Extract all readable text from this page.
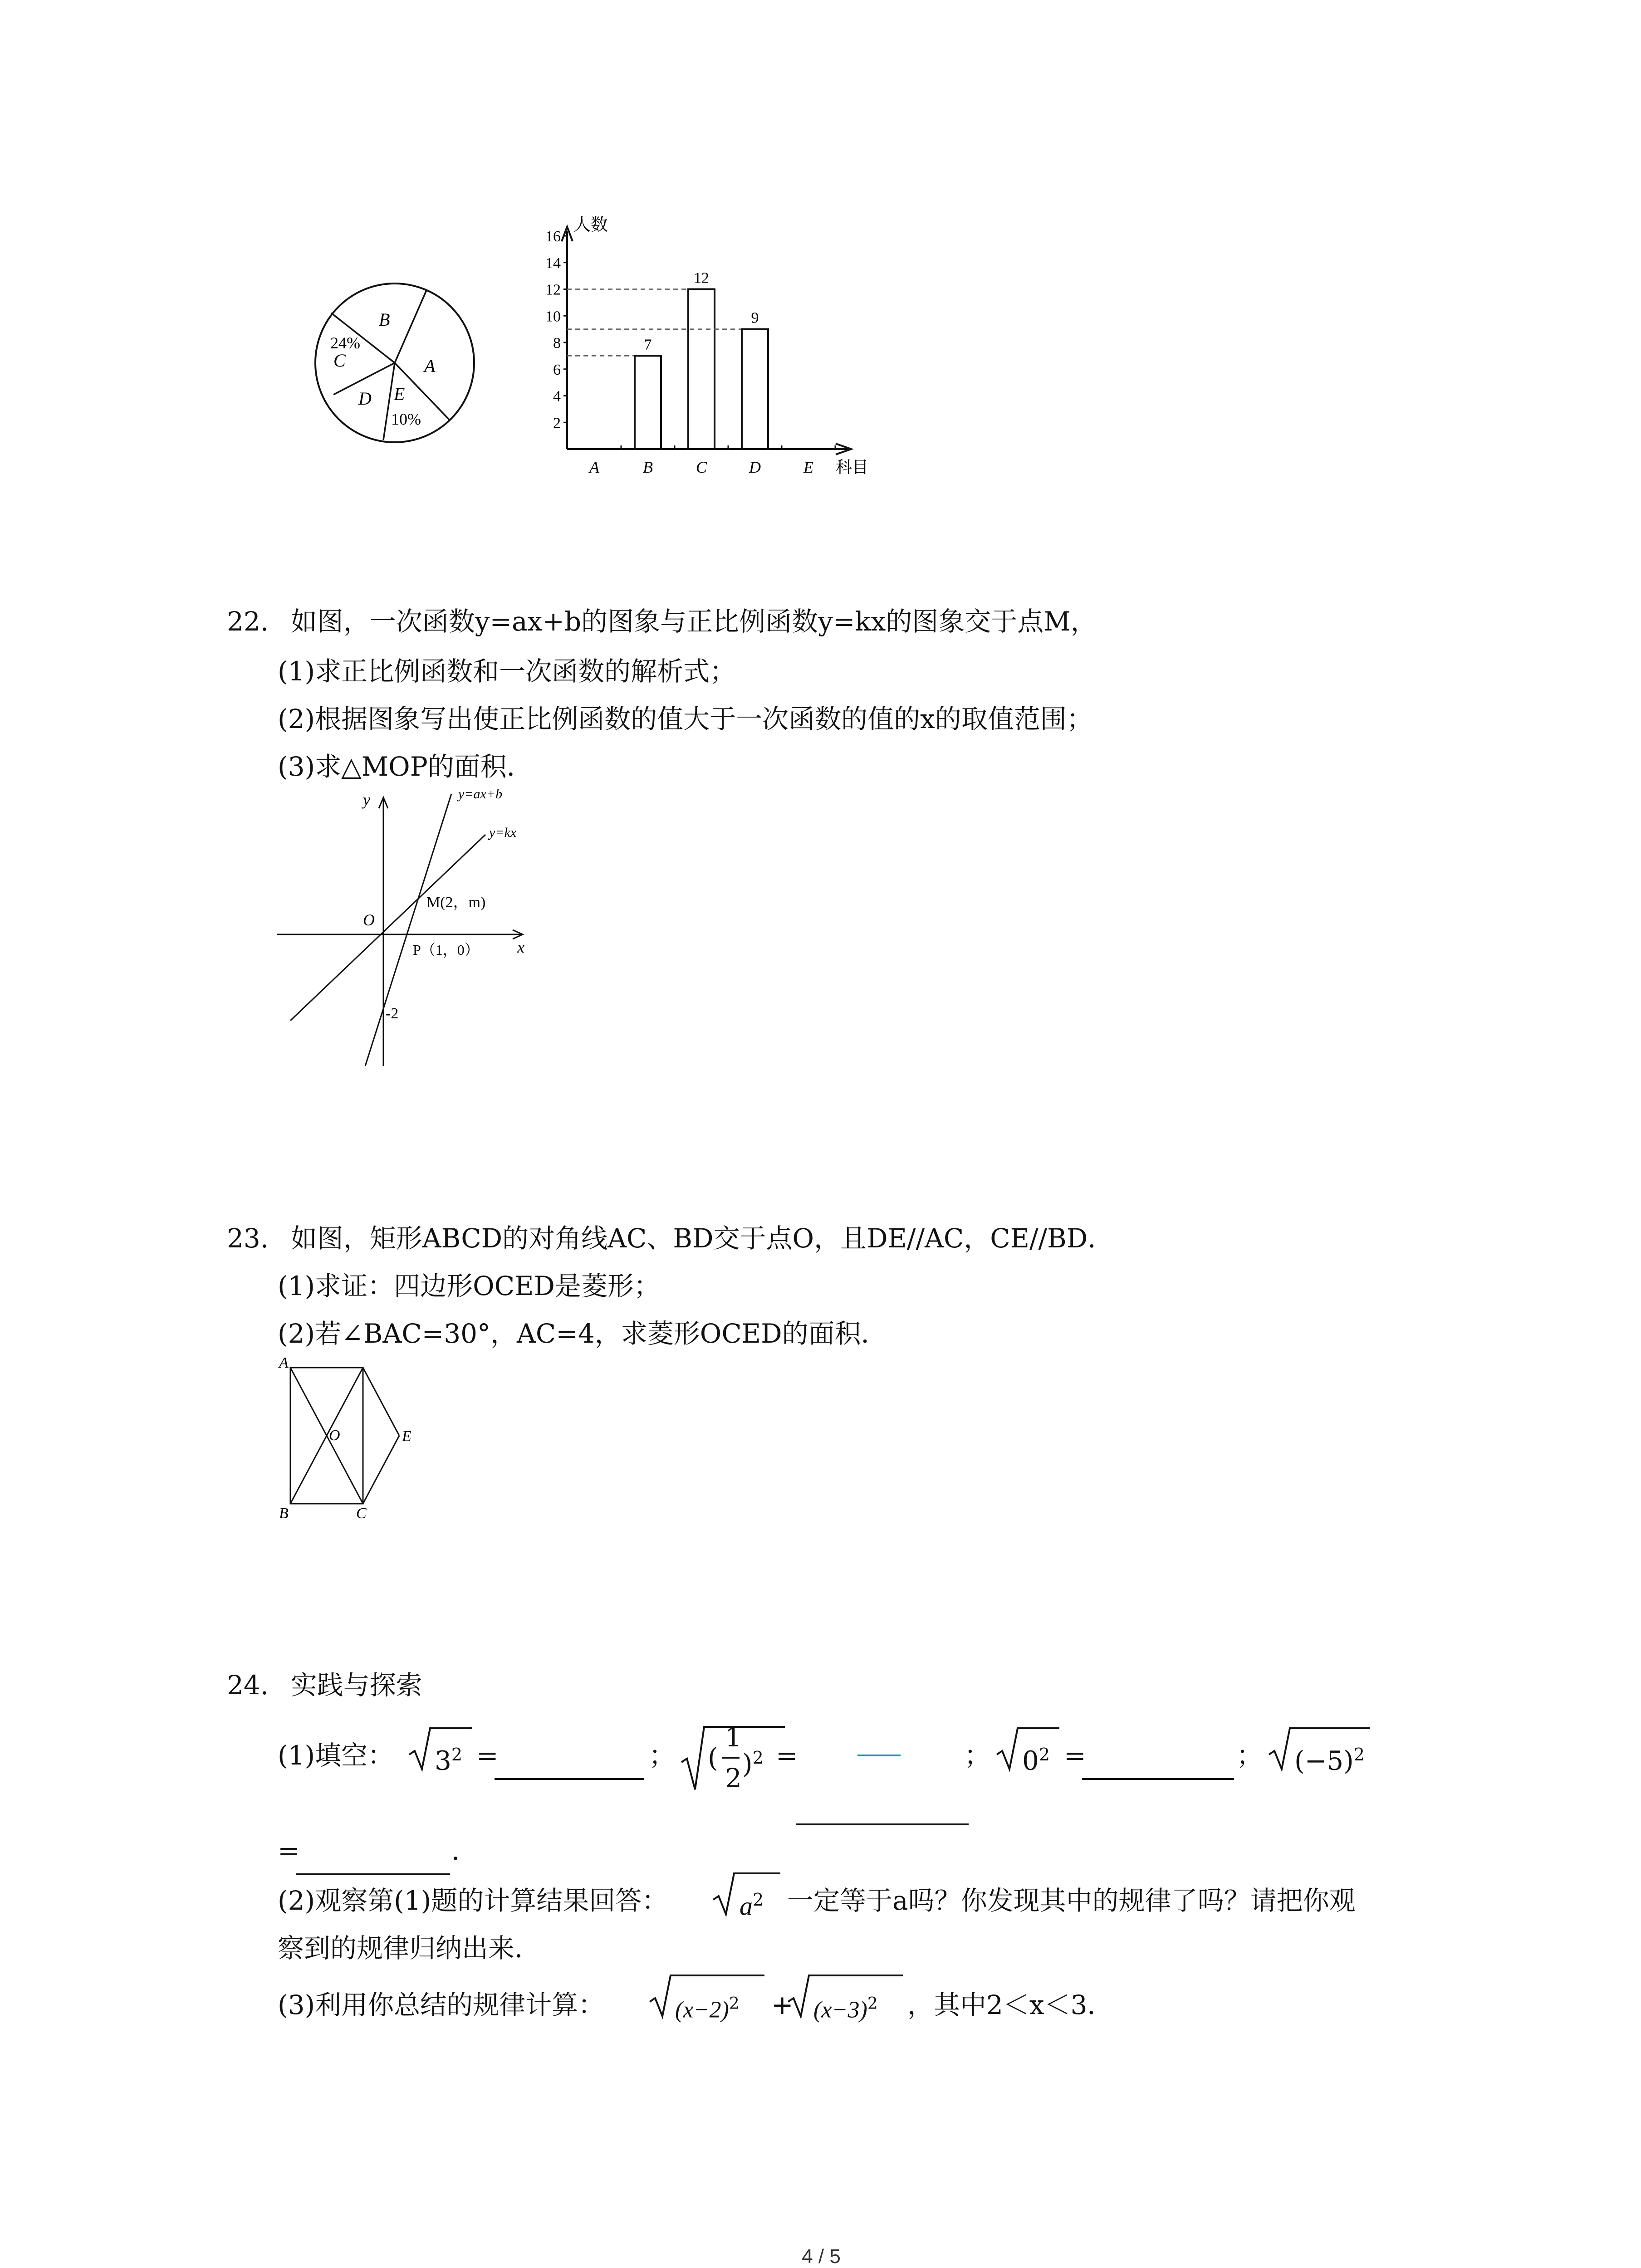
B
A
24%
C
D E
10%
人数
科目
2
4
6
8
10
12
14
16
A	B
7
C
12
D
9
E
22. 如图，一次函数y=ax+b的图象与正比例函数y=kx的图象交于点M，
(1)求正比例函数和一次函数的解析式；
(2)根据图象写出使正比例函数的值大于一次函数的值的x的取值范围；
(3)求△MOP的面积．
y
x
O
y=ax+b
y=kx
M(2，m)
P（1，0）
-2
23. 如图，矩形ABCD的对角线AC、BD交于点O，且DE//AC，CE//BD．
(1)求证：四边形OCED是菱形；
(2)若∠BAC=30°，AC=4，求菱形OCED的面积．
A
B	C
E
O
24. 实践与探索
(1)填空： $3^2$ =	； (
1
2 )$^2$ =	； $0^2$ =	； $(-5)^2$
=	．
(2)观察第(1)题的计算结果回答：	$a^2$ 一定等于a吗？你发现其中的规律了吗？请把你观
察到的规律归纳出来．
(3)利用你总结的规律计算：	$(x-2)^2 + (x-3)^2$ ，其中2＜x＜3．
4 / 5
